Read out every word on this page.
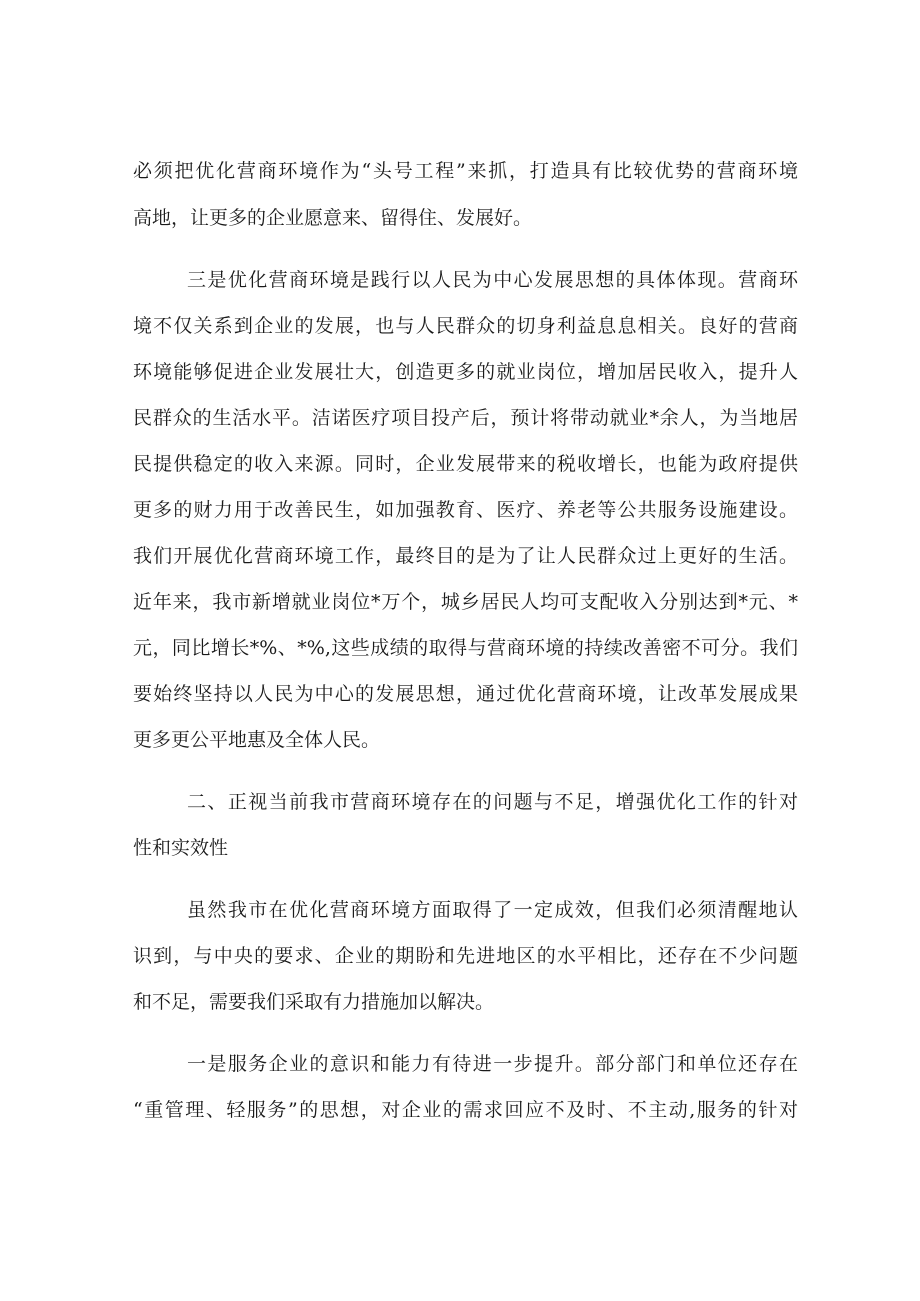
必须把优化营商环境作为“头号工程”来抓，打造具有比较优势的营商环境
高地，让更多的企业愿意来、留得住、发展好。
三是优化营商环境是践行以人民为中心发展思想的具体体现。营商环
境不仅关系到企业的发展，也与人民群众的切身利益息息相关。良好的营商
环境能够促进企业发展壮大，创造更多的就业岗位，增加居民收入，提升人
民群众的生活水平。洁诺医疗项目投产后，预计将带动就业*余人，为当地居
民提供稳定的收入来源。同时，企业发展带来的税收增长，也能为政府提供
更多的财力用于改善民生，如加强教育、医疗、养老等公共服务设施建设。
我们开展优化营商环境工作，最终目的是为了让人民群众过上更好的生活。
近年来，我市新增就业岗位*万个，城乡居民人均可支配收入分别达到*元、*
元，同比增长*%、*%,这些成绩的取得与营商环境的持续改善密不可分。我们
要始终坚持以人民为中心的发展思想，通过优化营商环境，让改革发展成果
更多更公平地惠及全体人民。
二、正视当前我市营商环境存在的问题与不足，增强优化工作的针对
性和实效性
虽然我市在优化营商环境方面取得了一定成效，但我们必须清醒地认
识到，与中央的要求、企业的期盼和先进地区的水平相比，还存在不少问题
和不足，需要我们采取有力措施加以解决。
一是服务企业的意识和能力有待进一步提升。部分部门和单位还存在
“重管理、轻服务”的思想，对企业的需求回应不及时、不主动,服务的针对
